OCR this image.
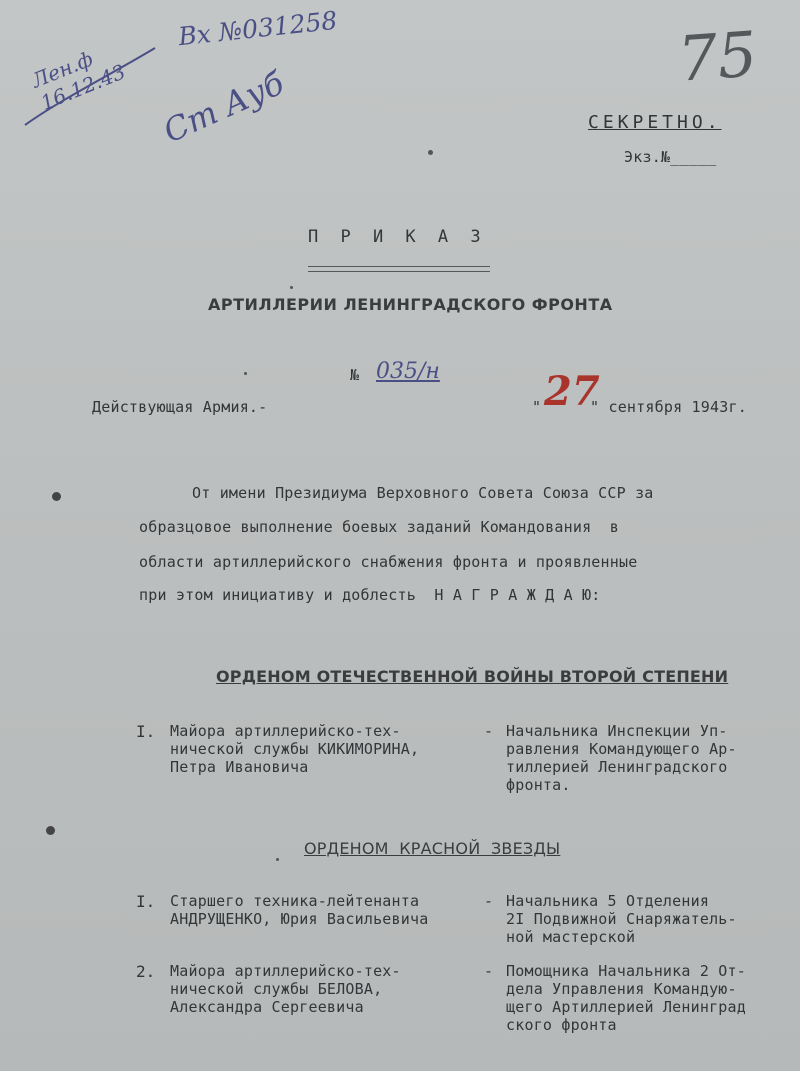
Вх №031258	75
Лен.ф
16.12.43 Ст Ауб	СЕКРЕТНО.
Экз.№_____
П Р И К А З
АРТИЛЛЕРИИ ЛЕНИНГРАДСКОГО ФРОНТА
№ 035/н
Действующая Армия.-	" 27
" сентября 1943г.
От имени Президиума Верховного Совета Союза ССР за
образцовое выполнение боевых заданий Командования  в
области артиллерийского снабжения фронта и проявленные
при этом инициативу и доблесть  Н А Г Р А Ж Д А Ю:
ОРДЕНОМ ОТЕЧЕСТВЕННОЙ ВОЙНЫ ВТОРОЙ СТЕПЕНИ
I. Майора артиллерийско-тех-
нической службы КИКИМОРИНА,
Петра Ивановича
- Начальника Инспекции Уп-
равления Командующего Ар-
тиллерией Ленинградского
фронта.
ОРДЕНОМ  КРАСНОЙ  ЗВЕЗДЫ
I. Старшего техника-лейтенанта
АНДРУЩЕНКО, Юрия Васильевича
- Начальника 5 Отделения
2I Подвижной Снаряжатель-
ной мастерской
2. Майора артиллерийско-тех-
нической службы БЕЛОВА,
Александра Сергеевича
- Помощника Начальника 2 От-
дела Управления Командую-
щего Артиллерией Ленинград
ского фронта
